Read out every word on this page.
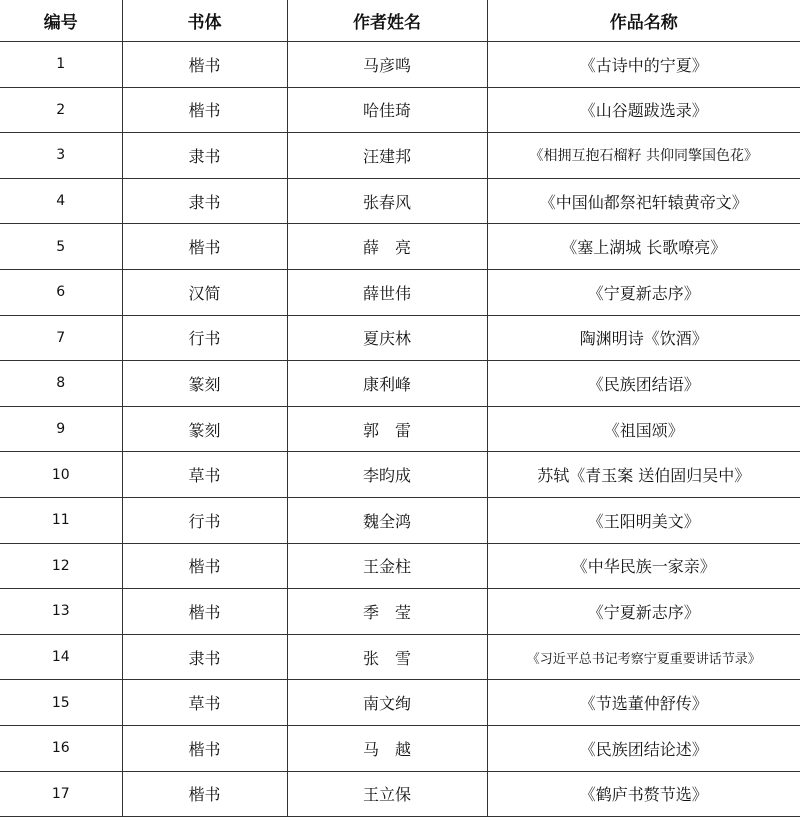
编号	书体	作者姓名	作品名称
1	楷书	马彦鸣	《古诗中的宁夏》
2	楷书	哈佳琦	《山谷题跋选录》
3	隶书	汪建邦	《相拥互抱石榴籽 共仰同擎国色花》
4	隶书	张春风	《中国仙都祭祀轩辕黄帝文》
5	楷书	薛　亮	《塞上湖城 长歌嘹亮》
6	汉简	薛世伟	《宁夏新志序》
7	行书	夏庆林	陶渊明诗《饮酒》
8	篆刻	康利峰	《民族团结语》
9	篆刻	郭　雷	《祖国颂》
10	草书	李昀成	苏轼《青玉案 送伯固归吴中》
11	行书	魏全鸿	《王阳明美文》
12	楷书	王金柱	《中华民族一家亲》
13	楷书	季　莹	《宁夏新志序》
14	隶书	张　雪	《习近平总书记考察宁夏重要讲话节录》
15	草书	南文绚	《节选董仲舒传》
16	楷书	马　越	《民族团结论述》
17	楷书	王立保	《鹤庐书赘节选》
